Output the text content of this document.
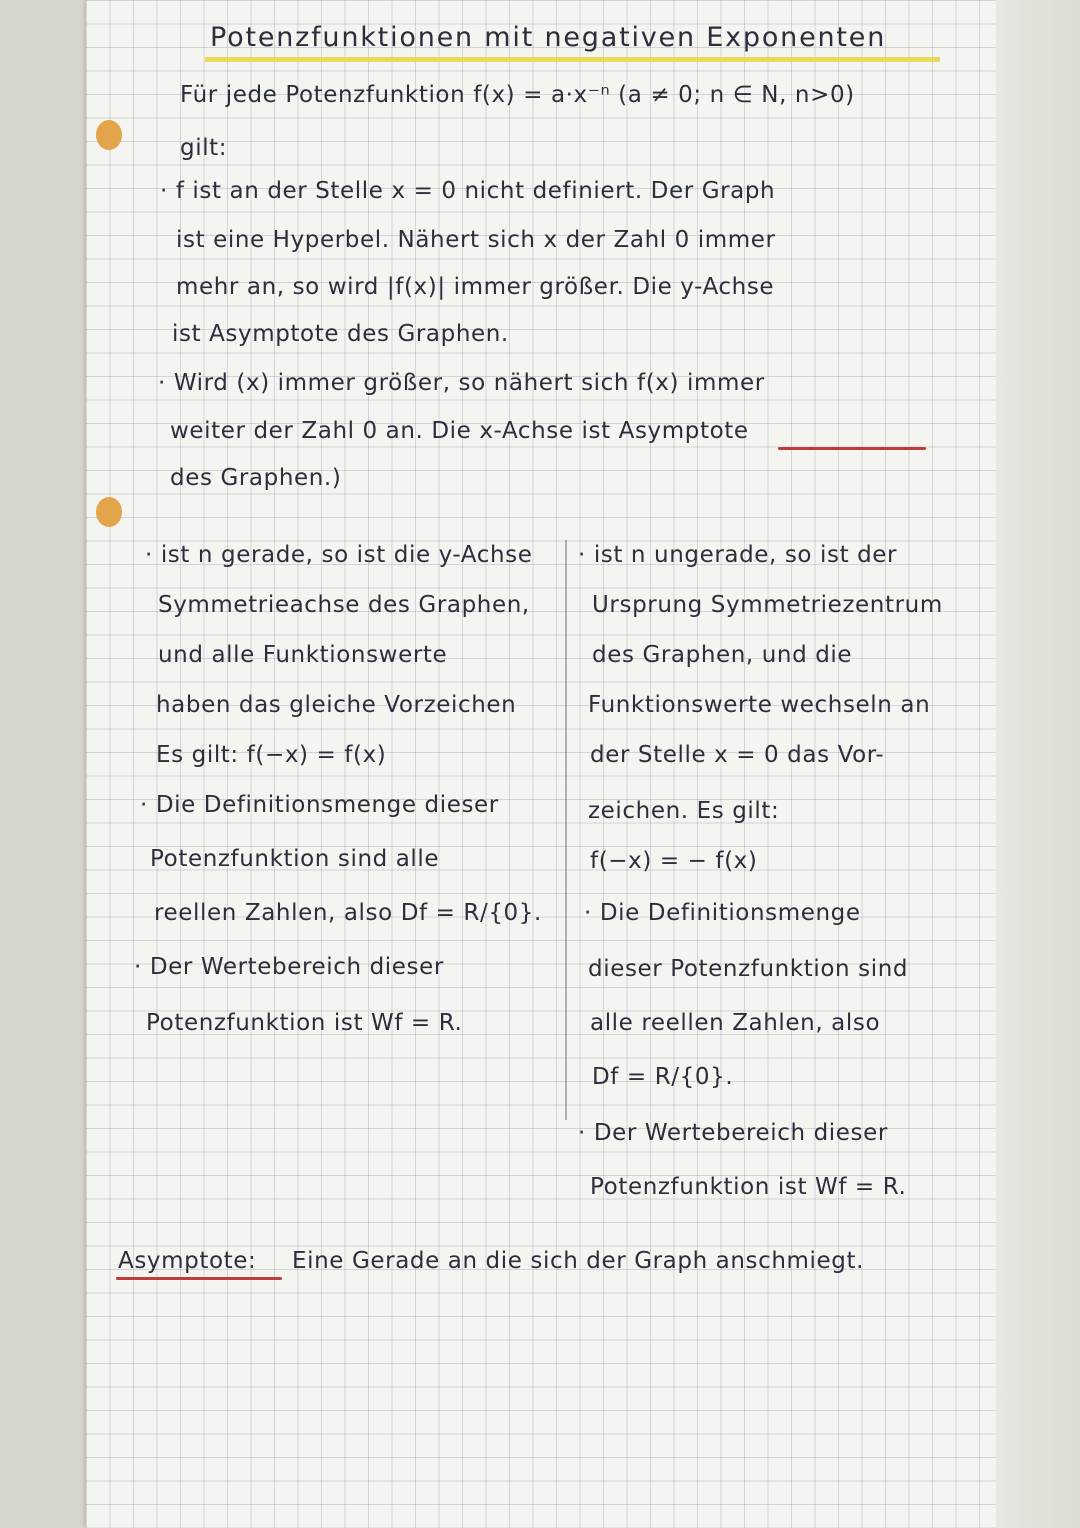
Potenzfunktionen mit negativen Exponenten
Für jede Potenzfunktion f(x) = a·x⁻ⁿ (a ≠ 0; n ∈ N, n>0)
gilt:
· f ist an der Stelle x = 0 nicht definiert. Der Graph
ist eine Hyperbel. Nähert sich x der Zahl 0 immer
mehr an, so wird |f(x)| immer größer. Die y-Achse
ist Asymptote des Graphen.
· Wird (x) immer größer, so nähert sich f(x) immer
weiter der Zahl 0 an. Die x-Achse ist Asymptote
des Graphen.)
· ist n gerade, so ist die y-Achse
Symmetrieachse des Graphen,
und alle Funktionswerte
haben das gleiche Vorzeichen
Es gilt: f(−x) = f(x)
· Die Definitionsmenge dieser
Potenzfunktion sind alle
reellen Zahlen, also Df = R/{0}.
· Der Wertebereich dieser
Potenzfunktion ist Wf = R.
· ist n ungerade, so ist der
Ursprung Symmetriezentrum
des Graphen, und die
Funktionswerte wechseln an
der Stelle x = 0 das Vor-
zeichen. Es gilt:
f(−x) = − f(x)
· Die Definitionsmenge
dieser Potenzfunktion sind
alle reellen Zahlen, also
Df = R/{0}.
· Der Wertebereich dieser
Potenzfunktion ist Wf = R.
Asymptote: Eine Gerade an die sich der Graph anschmiegt.
